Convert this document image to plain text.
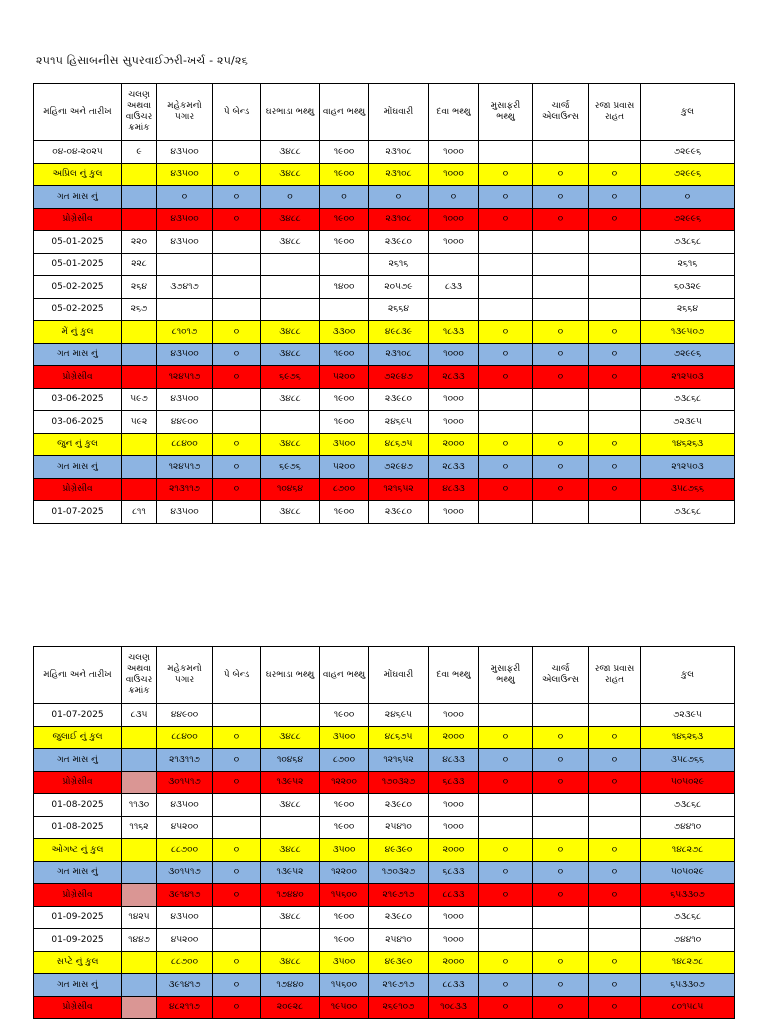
૨૫૧૫ હિસાબનીસ સુપરવાઈઝરી-ખર્ચ - ૨૫/૨૬
મહિના અને તારીખ	ચલણ અથવા વાઉચર ક્રમાંક	મહેકમનો પગાર	પે બેન્ડ	ઘરભાડા ભથ્થુ	વાહન ભથ્થુ	મોંઘવારી	દવા ભથ્થુ	મુસાફરી ભથ્થુ	ચાર્જ એલાઉન્સ	રજા પ્રવાસ રાહત	કુલ
૦૪-૦૪-૨૦૨૫	૯	૪૩૫૦૦		૩૪૮૮	૧૯૦૦	૨૩૧૦૮	૧૦૦૦				૭૨૯૯૬
અપ્રિલ નું કુલ		૪૩૫૦૦	૦	૩૪૮૮	૧૯૦૦	૨૩૧૦૮	૧૦૦૦	૦	૦	૦	૭૨૯૯૬
ગત માસ નું		૦	૦	૦	૦	૦	૦	૦	૦	૦	૦
પ્રોગ્રેસીવ		૪૩૫૦૦	૦	૩૪૮૮	૧૯૦૦	૨૩૧૦૮	૧૦૦૦	૦	૦	૦	૭૨૯૯૬
05-01-2025	૨૨૦	૪૩૫૦૦		૩૪૮૮	૧૯૦૦	૨૩૯૮૦	૧૦૦૦				૭૩૮૬૮
05-01-2025	૨૨૮					૨૬૧૬					૨૬૧૬
05-02-2025	૨૬૪	૩૭૪૧૭			૧૪૦૦	૨૦૫૭૯	૮૩૩				૬૦૩૨૯
05-02-2025	૨૬૭					૨૬૬૪					૨૬૬૪
મેં નું કુલ		૮૧૦૧૭	૦	૩૪૮૮	૩૩૦૦	૪૯૮૩૯	૧૮૩૩	૦	૦	૦	૧૩૯૫૦૭
ગત માસ નું		૪૩૫૦૦	૦	૩૪૮૮	૧૯૦૦	૨૩૧૦૮	૧૦૦૦	૦	૦	૦	૭૨૯૯૬
પ્રોગ્રેસીવ		૧૨૪૫૧૭	૦	૬૯૭૬	૫૨૦૦	૭૨૯૪૭	૨૮૩૩	૦	૦	૦	૨૧૨૫૦૩
03-06-2025	૫૯૭	૪૩૫૦૦		૩૪૮૮	૧૯૦૦	૨૩૯૮૦	૧૦૦૦				૭૩૮૬૮
03-06-2025	૫૯૨	૪૪૯૦૦			૧૯૦૦	૨૪૬૯૫	૧૦૦૦				૭૨૩૯૫
જુન નું કુલ		૮૮૪૦૦	૦	૩૪૮૮	૩૫૦૦	૪૮૬૭૫	૨૦૦૦	૦	૦	૦	૧૪૬૨૬૩
ગત માસ નું		૧૨૪૫૧૭	૦	૬૯૭૬	૫૨૦૦	૭૨૯૪૭	૨૮૩૩	૦	૦	૦	૨૧૨૫૦૩
પ્રોગ્રેસીવ		૨૧૩૧૧૭	૦	૧૦૪૬૪	૮૭૦૦	૧૨૧૬૫૨	૪૮૩૩	૦	૦	૦	૩૫૮૭૬૬
01-07-2025	૮૧૧	૪૩૫૦૦		૩૪૮૮	૧૯૦૦	૨૩૯૮૦	૧૦૦૦				૭૩૮૬૮
મહિના અને તારીખ	ચલણ અથવા વાઉચર ક્રમાંક	મહેકમનો પગાર	પે બેન્ડ	ઘરભાડા ભથ્થુ	વાહન ભથ્થુ	મોંઘવારી	દવા ભથ્થુ	મુસાફરી ભથ્થુ	ચાર્જ એલાઉન્સ	રજા પ્રવાસ રાહત	કુલ
01-07-2025	૮૩૫	૪૪૯૦૦			૧૯૦૦	૨૪૬૯૫	૧૦૦૦				૭૨૩૯૫
જુલાઈ નું કુલ		૮૮૪૦૦	૦	૩૪૮૮	૩૫૦૦	૪૮૬૭૫	૨૦૦૦	૦	૦	૦	૧૪૬૨૬૩
ગત માસ નું		૨૧૩૧૧૭	૦	૧૦૪૬૪	૮૭૦૦	૧૨૧૬૫૨	૪૮૩૩	૦	૦	૦	૩૫૮૭૬૬
પ્રોગ્રેસીવ		૩૦૧૫૧૭	૦	૧૩૯૫૨	૧૨૨૦૦	૧૭૦૩૨૭	૬૮૩૩	૦	૦	૦	૫૦૫૦૨૯
01-08-2025	૧૧૩૦	૪૩૫૦૦		૩૪૮૮	૧૯૦૦	૨૩૯૮૦	૧૦૦૦				૭૩૮૬૮
01-08-2025	૧૧૬૨	૪૫૨૦૦			૧૯૦૦	૨૫૪૧૦	૧૦૦૦				૭૪૪૧૦
ઓગષ્ટ નું કુલ		૮૮૭૦૦	૦	૩૪૮૮	૩૫૦૦	૪૯૩૯૦	૨૦૦૦	૦	૦	૦	૧૪૮૨૭૮
ગત માસ નું		૩૦૧૫૧૭	૦	૧૩૯૫૨	૧૨૨૦૦	૧૭૦૩૨૭	૬૮૩૩	૦	૦	૦	૫૦૫૦૨૯
પ્રોગ્રેસીવ		૩૯૧૪૧૭	૦	૧૭૪૪૦	૧૫૬૦૦	૨૧૯૭૧૭	૮૮૩૩	૦	૦	૦	૬૫૩૩૦૭
01-09-2025	૧૪૨૫	૪૩૫૦૦		૩૪૮૮	૧૯૦૦	૨૩૯૮૦	૧૦૦૦				૭૩૮૬૮
01-09-2025	૧૪૪૭	૪૫૨૦૦			૧૯૦૦	૨૫૪૧૦	૧૦૦૦				૭૪૪૧૦
સપ્ટે નું કુલ		૮૮૭૦૦	૦	૩૪૮૮	૩૫૦૦	૪૯૩૯૦	૨૦૦૦	૦	૦	૦	૧૪૮૨૭૮
ગત માસ નું		૩૯૧૪૧૭	૦	૧૭૪૪૦	૧૫૬૦૦	૨૧૯૭૧૭	૮૮૩૩	૦	૦	૦	૬૫૩૩૦૭
પ્રોગ્રેસીવ		૪૮૨૧૧૭	૦	૨૦૯૨૮	૧૯૫૦૦	૨૬૯૧૦૭	૧૦૮૩૩	૦	૦	૦	૮૦૧૫૮૫
